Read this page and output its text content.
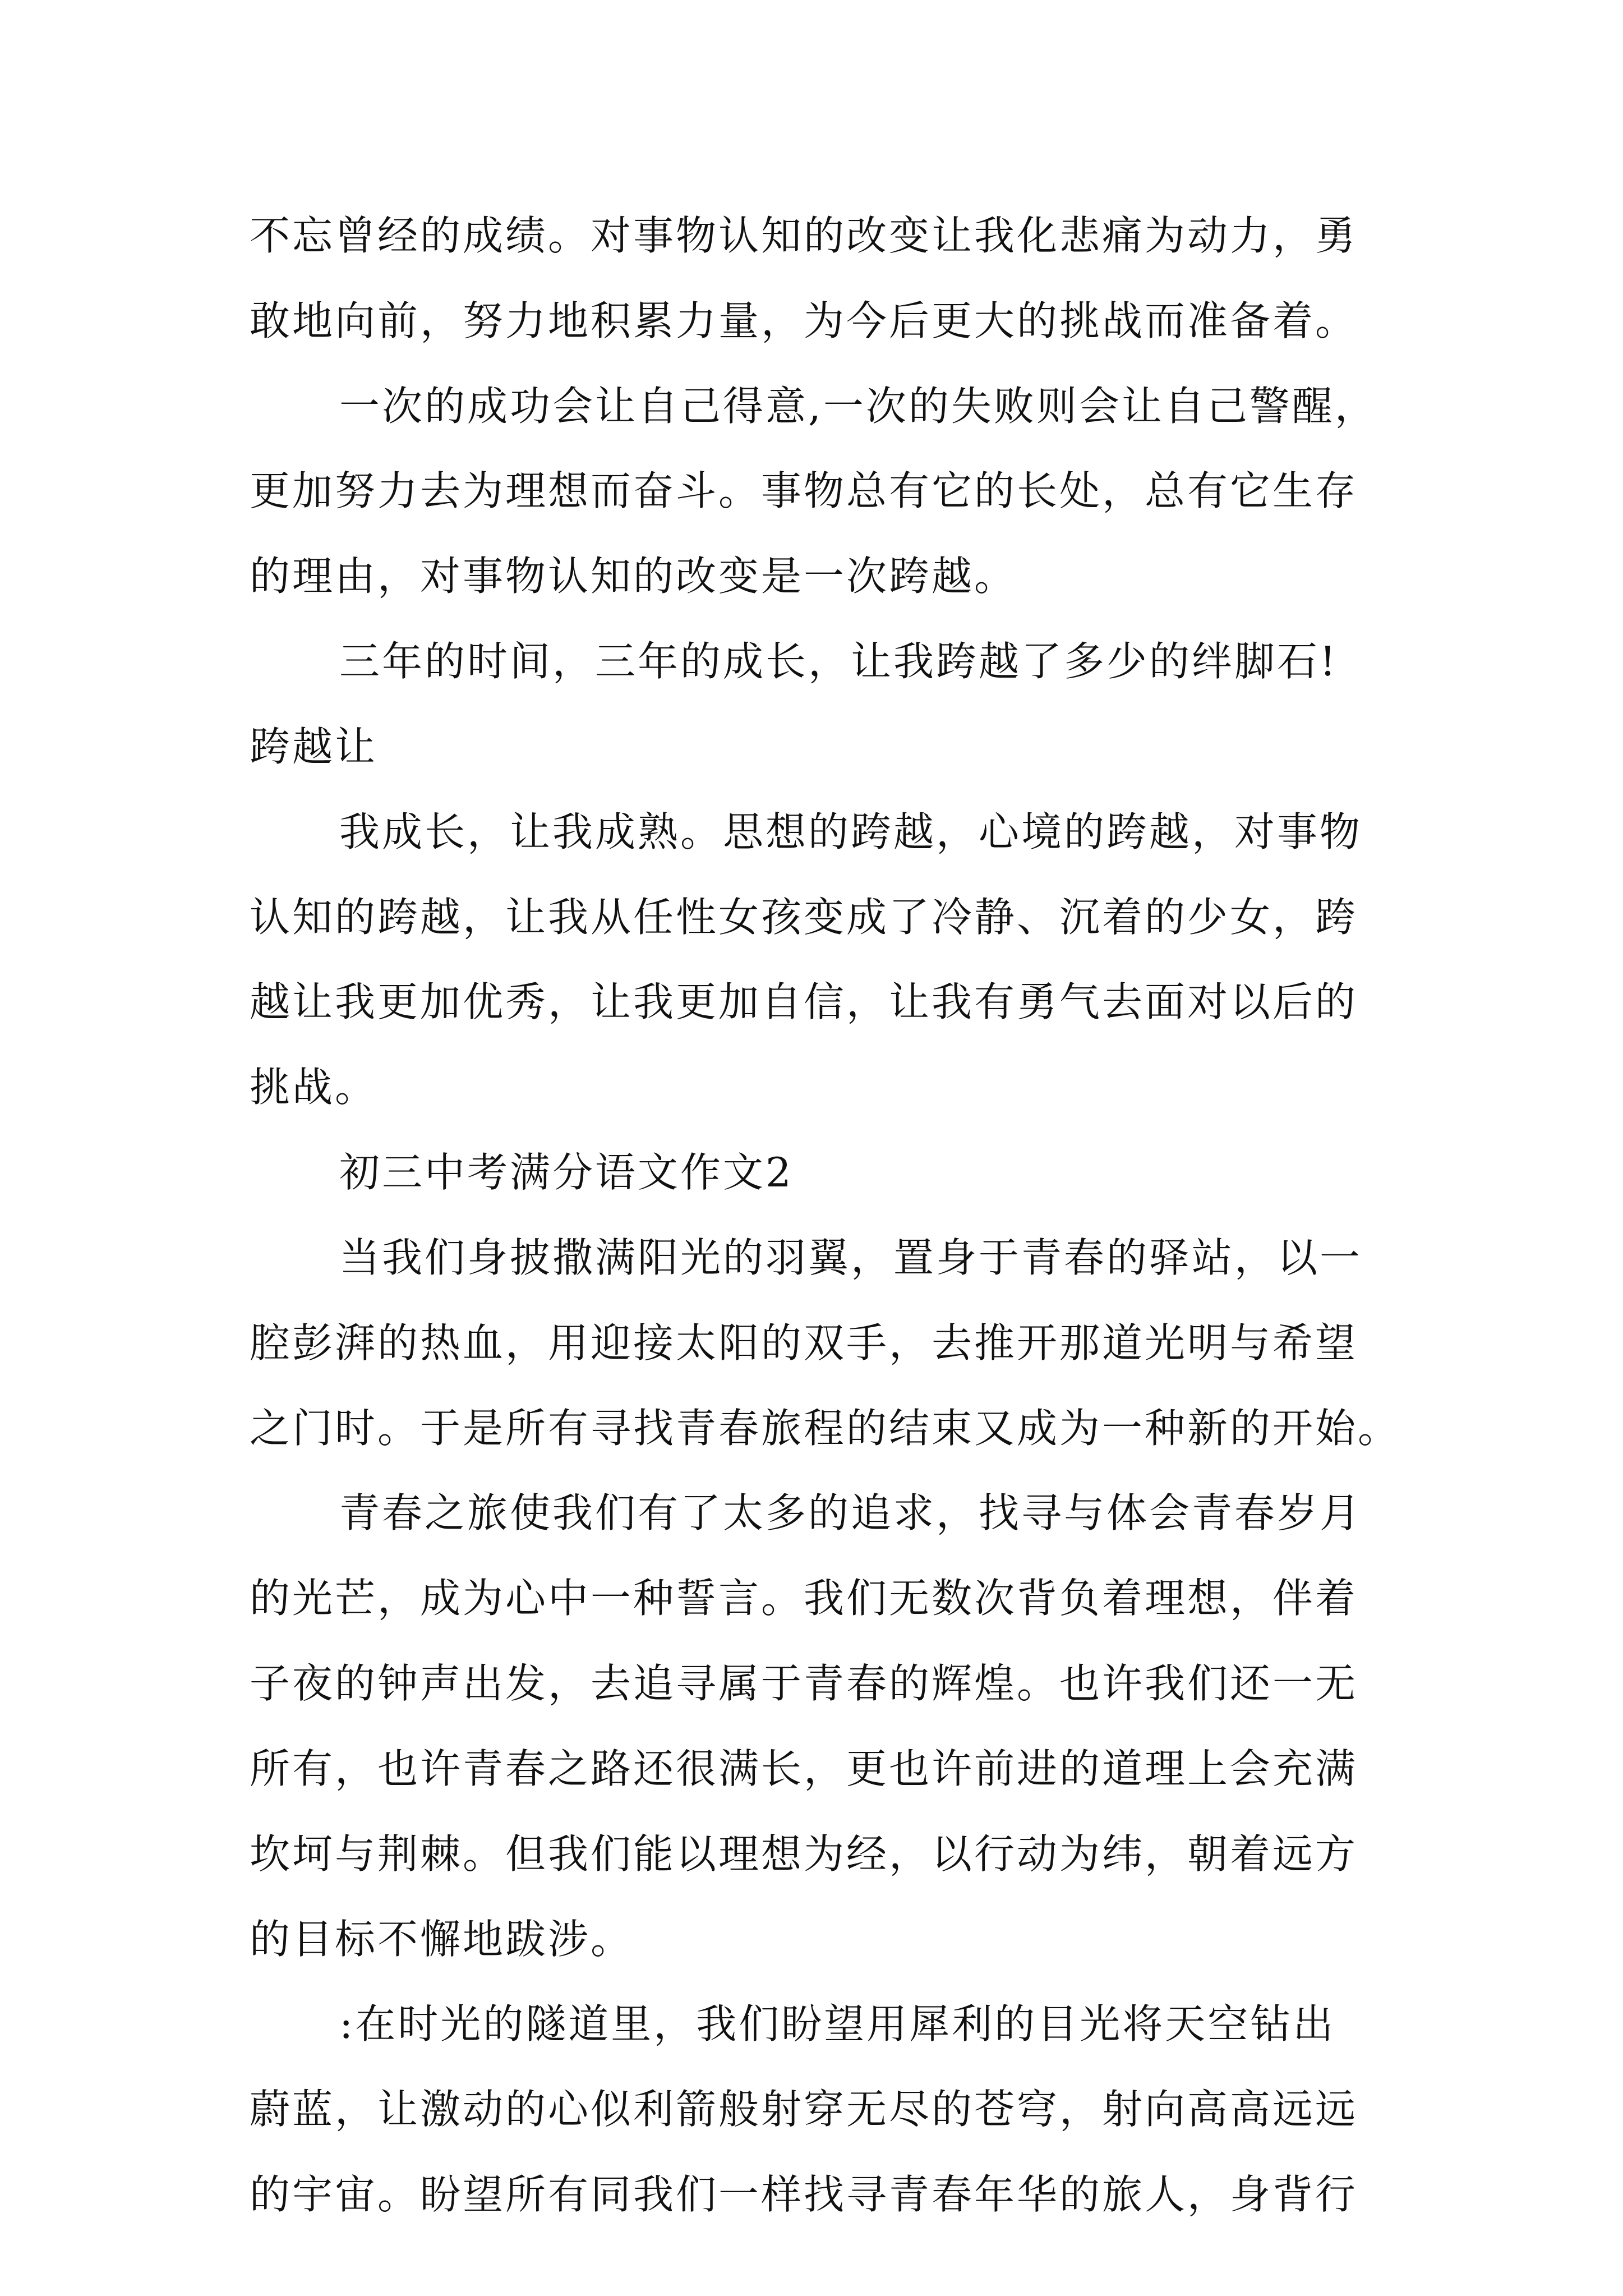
不忘曾经的成绩。对事物认知的改变让我化悲痛为动力，勇
敢地向前，努力地积累力量，为今后更大的挑战而准备着。
一次的成功会让自己得意,一次的失败则会让自己警醒，
更加努力去为理想而奋斗。事物总有它的长处，总有它生存
的理由，对事物认知的改变是一次跨越。
三年的时间，三年的成长，让我跨越了多少的绊脚石!
跨越让
我成长，让我成熟。思想的跨越，心境的跨越，对事物
认知的跨越，让我从任性女孩变成了冷静、沉着的少女，跨
越让我更加优秀，让我更加自信，让我有勇气去面对以后的
挑战。
初三中考满分语文作文2
当我们身披撒满阳光的羽翼，置身于青春的驿站，以一
腔彭湃的热血，用迎接太阳的双手，去推开那道光明与希望
之门时。于是所有寻找青春旅程的结束又成为一种新的开始。
青春之旅使我们有了太多的追求，找寻与体会青春岁月
的光芒，成为心中一种誓言。我们无数次背负着理想，伴着
子夜的钟声出发，去追寻属于青春的辉煌。也许我们还一无
所有，也许青春之路还很满长，更也许前进的道理上会充满
坎坷与荆棘。但我们能以理想为经，以行动为纬，朝着远方
的目标不懈地跋涉。
:在时光的隧道里，我们盼望用犀利的目光将天空钻出
蔚蓝，让激动的心似利箭般射穿无尽的苍穹，射向高高远远
的宇宙。盼望所有同我们一样找寻青春年华的旅人，身背行
